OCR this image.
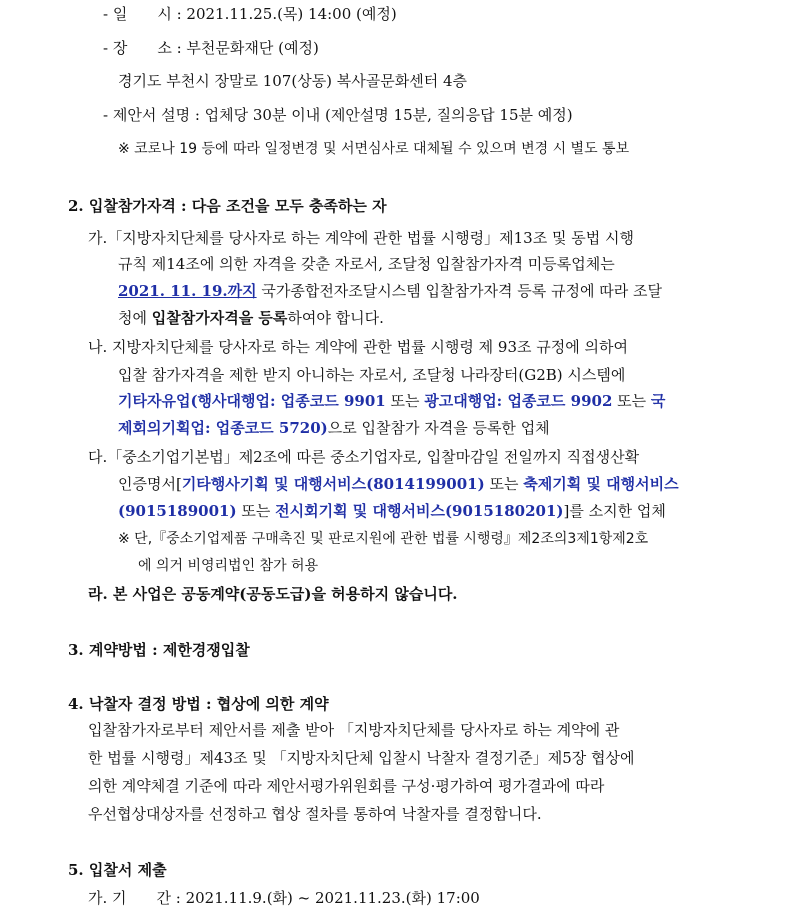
- 일　　시 : 2021.11.25.(목) 14:00 (예정)
- 장　　소 : 부천문화재단 (예정)
경기도 부천시 장말로 107(상동) 복사골문화센터 4층
- 제안서 설명 : 업체당 30분 이내 (제안설명 15분, 질의응답 15분 예정)
※ 코로나 19 등에 따라 일정변경 및 서면심사로 대체될 수 있으며 변경 시 별도 통보
2. 입찰참가자격 : 다음 조건을 모두 충족하는 자
가.「지방자치단체를 당사자로 하는 계약에 관한 법률 시행령」제13조 및 동법 시행
규칙 제14조에 의한 자격을 갖춘 자로서, 조달청 입찰참가자격 미등록업체는
2021. 11. 19.까지 국가종합전자조달시스템 입찰참가자격 등록 규정에 따라 조달
청에 입찰참가자격을 등록하여야 합니다.
나. 지방자치단체를 당사자로 하는 계약에 관한 법률 시행령 제 93조 규정에 의하여
입찰 참가자격을 제한 받지 아니하는 자로서, 조달청 나라장터(G2B) 시스템에
기타자유업(행사대행업: 업종코드 9901 또는 광고대행업: 업종코드 9902 또는 국
제회의기획업: 업종코드 5720)으로 입찰참가 자격을 등록한 업체
다.「중소기업기본법」제2조에 따른 중소기업자로, 입찰마감일 전일까지 직접생산확
인증명서[기타행사기획 및 대행서비스(8014199001) 또는 축제기획 및 대행서비스
(9015189001) 또는 전시회기획 및 대행서비스(9015180201)]를 소지한 업체
※ 단,『중소기업제품 구매촉진 및 판로지원에 관한 법률 시행령』제2조의3제1항제2호
에 의거 비영리법인 참가 허용
라. 본 사업은 공동계약(공동도급)을 허용하지 않습니다.
3. 계약방법 : 제한경쟁입찰
4. 낙찰자 결정 방법 : 협상에 의한 계약
입찰참가자로부터 제안서를 제출 받아 「지방자치단체를 당사자로 하는 계약에 관
한 법률 시행령」제43조 및 「지방자치단체 입찰시 낙찰자 결정기준」제5장 협상에
의한 계약체결 기준에 따라 제안서평가위원회를 구성·평가하여 평가결과에 따라
우선협상대상자를 선정하고 협상 절차를 통하여 낙찰자를 결정합니다.
5. 입찰서 제출
가. 기　　간 : 2021.11.9.(화) ~ 2021.11.23.(화) 17:00
